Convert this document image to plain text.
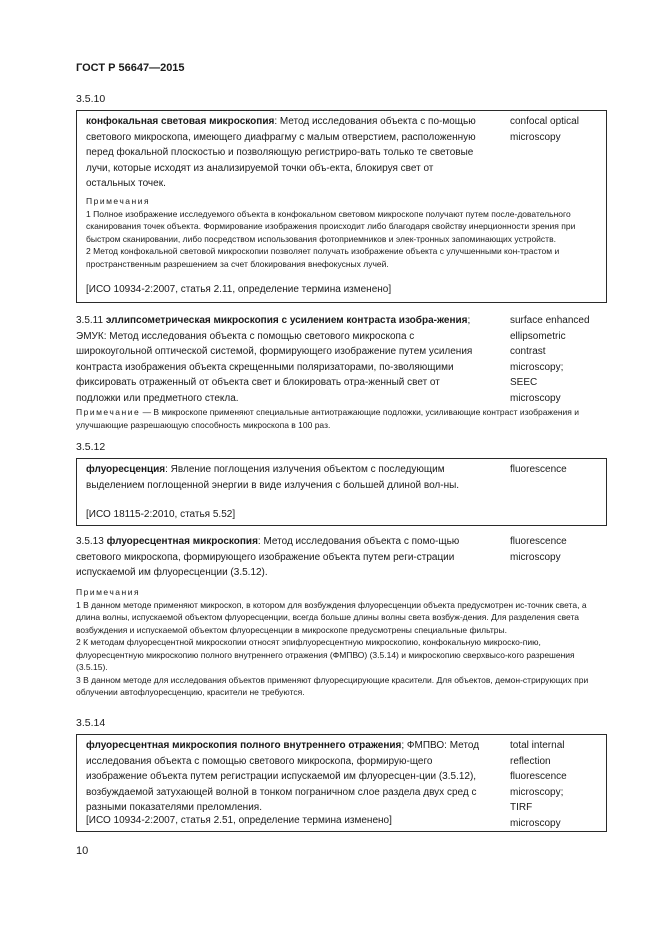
ГОСТ Р 56647—2015
3.5.10
конфокальная световая микроскопия: Метод исследования объекта с по-мощью светового микроскопа, имеющего диафрагму с малым отверстием, расположенную перед фокальной плоскостью и позволяющую регистриро-вать только те световые лучи, которые исходят из анализируемой точки объ-екта, блокируя свет от остальных точек.
confocal optical
microscopy

Примечания

1 Полное изображение исследуемого объекта в конфокальном световом микроскопе получают путем после-довательного сканирования точек объекта. Формирование изображения происходит либо благодаря свойству инерционности зрения при быстром сканировании, либо посредством использования фотоприемников и элек-тронных запоминающих устройств.

2 Метод конфокальной световой микроскопии позволяет получать изображение объекта с улучшенными кон-трастом и пространственным разрешением за счет блокирования внефокусных лучей.

[ИСО 10934-2:2007, статья 2.11, определение термина изменено]
3.5.11 эллипсометрическая микроскопия с усилением контраста изобра-жения; ЭМУК: Метод исследования объекта с помощью светового микроскопа с широкоугольной оптической системой, формирующего изображение путем усиления контраста изображения объекта скрещенными поляризаторами, по-зволяющими фиксировать отраженный от объекта свет и блокировать отра-женный свет от подложки или предметного стекла.
surface enhanced
ellipsometric
contrast
microscopy;
SEEC
microscopy
Примечание — В микроскопе применяют специальные антиотражающие подложки, усиливающие контраст изображения и улучшающие разрешающую способность микроскопа в 100 раз.
3.5.12
флуоресценция: Явление поглощения излучения объектом с последующим выделением поглощенной энергии в виде излучения с большей длиной вол-ны.
fluorescence
[ИСО 18115-2:2010, статья 5.52]
3.5.13 флуоресцентная микроскопия: Метод исследования объекта с помо-щью светового микроскопа, формирующего изображение объекта путем реги-страции испускаемой им флуоресценции (3.5.12).
fluorescence
microscopy

Примечания

1 В данном методе применяют микроскоп, в котором для возбуждения флуоресценции объекта предусмотрен ис-точник света, а длина волны, испускаемой объектом флуоресценции, всегда больше длины волны света возбуж-дения. Для разделения света возбуждения и испускаемой объектом флуоресценции в микроскопе предусмотрены специальные фильтры.

2 К методам флуоресцентной микроскопии относят эпифлуоресцентную микроскопию, конфокальную микроско-пию, флуоресцентную микроскопию полного внутреннего отражения (ФМПВО) (3.5.14) и микроскопию сверхвысо-кого разрешения (3.5.15).

3 В данном методе для исследования объектов применяют флуоресцирующие красители. Для объектов, демон-стрирующих при облучении автофлуоресценцию, красители не требуются.

3.5.14
флуоресцентная микроскопия полного внутреннего отражения; ФМПВО: Метод исследования объекта с помощью светового микроскопа, формирую-щего изображение объекта путем регистрации испускаемой им флуоресцен-ции (3.5.12), возбуждаемой затухающей волной в тонком пограничном слое раздела двух сред с разными показателями преломления.
total internal
reflection
fluorescence
microscopy;
TIRF
microscopy
[ИСО 10934-2:2007, статья 2.51, определение термина изменено]
10
